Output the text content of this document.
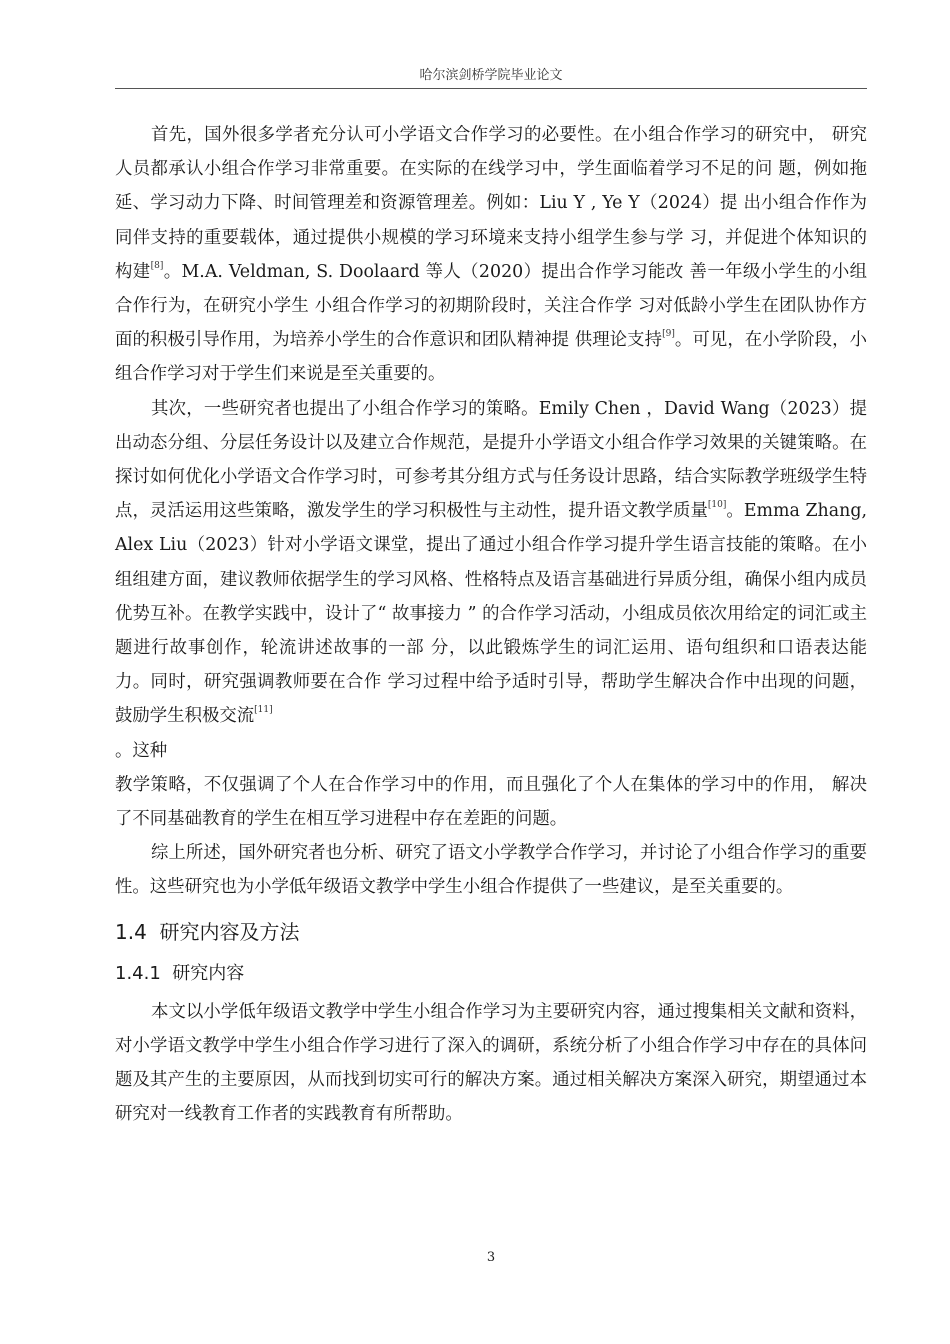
哈尔滨剑桥学院毕业论文

首先，国外很多学者充分认可小学语文合作学习的必要性。在小组合作学习的研究中， 研究人员都承认小组合作学习非常重要。在实际的在线学习中，学生面临着学习不足的问 题，例如拖延、学习动力下降、时间管理差和资源管理差。例如：Liu Y , Ye Y（2024）提 出小组合作作为同伴支持的重要载体，通过提供小规模的学习环境来支持小组学生参与学 习，并促进个体知识的构建[8]。M.A. Veldman, S. Doolaard 等人（2020）提出合作学习能改 善一年级小学生的小组合作行为，在研究小学生 小组合作学习的初期阶段时，关注合作学 习对低龄小学生在团队协作方面的积极引导作用，为培养小学生的合作意识和团队精神提 供理论支持[9]。可见，在小学阶段，小组合作学习对于学生们来说是至关重要的。

其次，一些研究者也提出了小组合作学习的策略。Emily Chen ，David Wang（2023）提出动态分组、分层任务设计以及建立合作规范，是提升小学语文小组合作学习效果的关键策略。在探讨如何优化小学语文合作学习时，可参考其分组方式与任务设计思路，结合实际教学班级学生特点，灵活运用这些策略，激发学生的学习积极性与主动性，提升语文教学质量[10]。Emma Zhang, Alex Liu（2023）针对小学语文课堂，提出了通过小组合作学习提升学生语言技能的策略。在小组组建方面，建议教师依据学生的学习风格、性格特点及语言基础进行异质分组，确保小组内成员优势互补。在教学实践中，设计了“ 故事接力 ” 的合作学习活动，小组成员依次用给定的词汇或主题进行故事创作，轮流讲述故事的一部 分，以此锻炼学生的词汇运用、语句组织和口语表达能力。同时，研究强调教师要在合作 学习过程中给予适时引导，帮助学生解决合作中出现的问题，鼓励学生积极交流[11]
。这种

教学策略，不仅强调了个人在合作学习中的作用，而且强化了个人在集体的学习中的作用， 解决了不同基础教育的学生在相互学习进程中存在差距的问题。

综上所述，国外研究者也分析、研究了语文小学教学合作学习，并讨论了小组合作学习的重要性。这些研究也为小学低年级语文教学中学生小组合作提供了一些建议，是至关重要的。

1.4 研究内容及方法
1.4.1 研究内容

本文以小学低年级语文教学中学生小组合作学习为主要研究内容，通过搜集相关文献和资料，对小学语文教学中学生小组合作学习进行了深入的调研，系统分析了小组合作学习中存在的具体问题及其产生的主要原因，从而找到切实可行的解决方案。通过相关解决方案深入研究，期望通过本研究对一线教育工作者的实践教育有所帮助。

3
